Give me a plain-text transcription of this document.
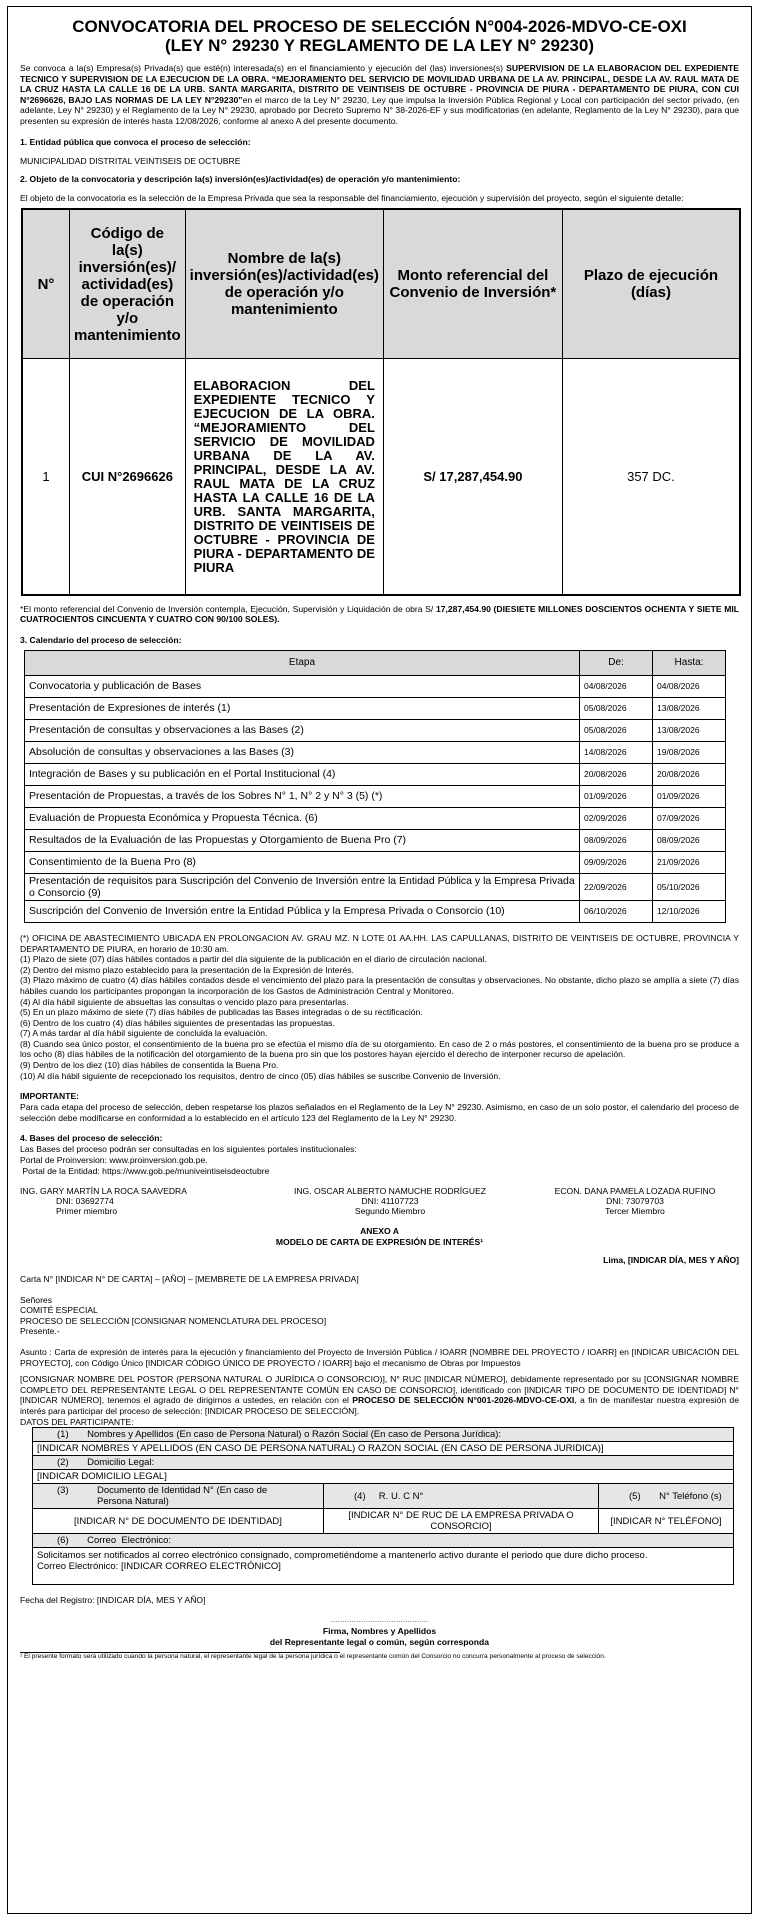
CONVOCATORIA DEL PROCESO DE SELECCIÓN N°004-2026-MDVO-CE-OXI
(LEY N° 29230 Y REGLAMENTO DE LA LEY N° 29230)

Se convoca a la(s) Empresa(s) Privada(s) que esté(n) interesada(s) en el financiamiento y ejecución del (las) inversiones(s) SUPERVISION DE LA ELABORACION DEL EXPEDIENTE TECNICO Y SUPERVISION DE LA EJECUCION DE LA OBRA. “MEJORAMIENTO DEL SERVICIO DE MOVILIDAD URBANA DE LA AV. PRINCIPAL, DESDE LA AV. RAUL MATA DE LA CRUZ HASTA LA CALLE 16 DE LA URB. SANTA MARGARITA, DISTRITO DE VEINTISEIS DE OCTUBRE - PROVINCIA DE PIURA - DEPARTAMENTO DE PIURA, CON CUI N°2696626, BAJO LAS NORMAS DE LA LEY N°29230”en el marco de la Ley N° 29230, Ley que impulsa la Inversión Pública Regional y Local con participación del sector privado, (en adelante, Ley N° 29230) y el Reglamento de la Ley N° 29230, aprobado por Decreto Supremo N° 38-2026-EF y sus modificatorias (en adelante, Reglamento de la Ley N° 29230), para que presenten su expresión de interés hasta 12/08/2026, conforme al anexo A del presente documento.

1. Entidad pública que convoca el proceso de selección:
MUNICIPALIDAD DISTRITAL VEINTISEIS DE OCTUBRE
2. Objeto de la convocatoria y descripción la(s) inversión(es)/actividad(es) de operación y/o mantenimiento:
El objeto de la convocatoria es la selección de la Empresa Privada que sea la responsable del financiamiento, ejecución y supervisión del proyecto, según el siguiente detalle:
N°	Código de la(s) inversión(es)/ actividad(es) de operación y/o mantenimiento	Nombre de la(s) inversión(es)/actividad(es) de operación y/o mantenimiento	Monto referencial del Convenio de Inversión*	Plazo de ejecución (días)
1	CUI N°2696626	ELABORACION DEL EXPEDIENTE TECNICO Y EJECUCION DE LA OBRA. “MEJORAMIENTO DEL SERVICIO DE MOVILIDAD URBANA DE LA AV. PRINCIPAL, DESDE LA AV. RAUL MATA DE LA CRUZ HASTA LA CALLE 16 DE LA URB. SANTA MARGARITA, DISTRITO DE VEINTISEIS DE OCTUBRE - PROVINCIA DE PIURA - DEPARTAMENTO DE PIURA	S/ 17,287,454.90	357 DC.

*El monto referencial del Convenio de Inversión contempla, Ejecución, Supervisión y Liquidación de obra S/ 17,287,454.90 (DIESIETE MILLONES DOSCIENTOS OCHENTA Y SIETE MIL CUATROCIENTOS CINCUENTA Y CUATRO CON 90/100 SOLES).

3. Calendario del proceso de selección:
Etapa	De:	Hasta:
Convocatoria y publicación de Bases	04/08/2026	04/08/2026
Presentación de Expresiones de interés (1)	05/08/2026	13/08/2026
Presentación de consultas y observaciones a las Bases (2)	05/08/2026	13/08/2026
Absolución de consultas y observaciones a las Bases (3)	14/08/2026	19/08/2026
Integración de Bases y su publicación en el Portal Institucional (4)	20/08/2026	20/08/2026
Presentación de Propuestas, a través de los Sobres N° 1, N° 2 y N° 3 (5) (*)	01/09/2026	01/09/2026
Evaluación de Propuesta Económica y Propuesta Técnica. (6)	02/09/2026	07/09/2026
Resultados de la Evaluación de las Propuestas y Otorgamiento de Buena Pro (7)	08/09/2026	08/09/2026
Consentimiento de la Buena Pro (8)	09/09/2026	21/09/2026
Presentación de requisitos para Suscripción del Convenio de Inversión entre la Entidad Pública y la Empresa Privada o Consorcio (9)	22/09/2026	05/10/2026
Suscripción del Convenio de Inversión entre la Entidad Pública y la Empresa Privada o Consorcio (10)	06/10/2026	12/10/2026
(*) OFICINA DE ABASTECIMIENTO UBICADA EN PROLONGACION AV. GRAU MZ. N LOTE 01 AA.HH. LAS CAPULLANAS, DISTRITO DE VEINTISEIS DE OCTUBRE, PROVINCIA Y DEPARTAMENTO DE PIURA, en horario de 10:30 am.
(1) Plazo de siete (07) días hábiles contados a partir del día siguiente de la publicación en el diario de circulación nacional.
(2) Dentro del mismo plazo establecido para la presentación de la Expresión de Interés.
(3) Plazo máximo de cuatro (4) días hábiles contados desde el vencimiento del plazo para la presentación de consultas y observaciones. No obstante, dicho plazo se amplía a siete (7) días hábiles cuando los participantes propongan la incorporación de los Gastos de Administración Central y Monitoreo.
(4) Al día hábil siguiente de absueltas las consultas o vencido plazo para presentarlas.
(5) En un plazo máximo de siete (7) días hábiles de publicadas las Bases integradas o de su rectificación.
(6) Dentro de los cuatro (4) días hábiles siguientes de presentadas las propuestas.
(7) A más tardar al día hábil siguiente de concluida la evaluación.
(8) Cuando sea único postor, el consentimiento de la buena pro se efectúa el mismo día de su otorgamiento. En caso de 2 o más postores, el consentimiento de la buena pro se produce a los ocho (8) días hábiles de la notificación del otorgamiento de la buena pro sin que los postores hayan ejercido el derecho de interponer recurso de apelación.
(9) Dentro de los diez (10) días hábiles de consentida la Buena Pro.
(10) Al día hábil siguiente de recepcionado los requisitos, dentro de cinco (05) días hábiles se suscribe Convenio de Inversión.
IMPORTANTE:

Para cada etapa del proceso de selección, deben respetarse los plazos señalados en el Reglamento de la Ley N° 29230. Asimismo, en caso de un solo postor, el calendario del proceso de selección debe modificarse en conformidad a lo establecido en el artículo 123 del Reglamento de la Ley N° 29230.

4. Bases del proceso de selección:
Las Bases del proceso podrán ser consultadas en los siguientes portales institucionales:
Portal de Proinversion: www.proinversion.gob.pe.
Portal de la Entidad: https://www.gob.pe/muniveintiseisdeoctubre
ING. GARY MARTÍN LA ROCA SAAVEDRA
DNI: 03692774
Primer miembro
ING. OSCAR ALBERTO NAMUCHE RODRÍGUEZ
DNI: 41107723
Segundo Miembro
ECON. DANA PAMELA LOZADA RUFINO
DNI: 73079703
Tercer Miembro
ANEXO A
MODELO DE CARTA DE EXPRESIÓN DE INTERÉS¹
Lima, [INDICAR DÍA, MES Y AÑO]
Carta N° [INDICAR N° DE CARTA] – [AÑO] – [MEMBRETE DE LA EMPRESA PRIVADA]
Señores
COMITÉ ESPECIAL
PROCESO DE SELECCIÓN [CONSIGNAR NOMENCLATURA DEL PROCESO]
Presente.-

Asunto : Carta de expresión de interés para la ejecución y financiamiento del Proyecto de Inversión Pública / IOARR [NOMBRE DEL PROYECTO / IOARR] en [INDICAR UBICACIÓN DEL PROYECTO], con Código Único [INDICAR CÓDIGO ÚNICO DE PROYECTO / IOARR] bajo el mecanismo de Obras por Impuestos

[CONSIGNAR NOMBRE DEL POSTOR (PERSONA NATURAL O JURÍDICA O CONSORCIO)], N° RUC [INDICAR NÚMERO], debidamente representado por su [CONSIGNAR NOMBRE COMPLETO DEL REPRESENTANTE LEGAL O DEL REPRESENTANTE COMÚN EN CASO DE CONSORCIO], identificado con [INDICAR TIPO DE DOCUMENTO DE IDENTIDAD] N° [INDICAR NÚMERO], tenemos el agrado de dirigirnos a ustedes, en relación con el PROCESO DE SELECCIÓN N°001-2026-MDVO-CE-OXI, a fin de manifestar nuestra expresión de interés para participar del proceso de selección: [INDICAR PROCESO DE SELECCIÓN].

DATOS DEL PARTICIPANTE:
(1)       Nombres y Apellidos (En caso de Persona Natural) o Razón Social (En caso de Persona Jurídica):		
[INDICAR NOMBRES Y APELLIDOS (EN CASO DE PERSONA NATURAL) O RAZON SOCIAL (EN CASO DE PERSONA JURIDICA)]		
(2)       Domicilio Legal:		
[INDICAR DOMICILIO LEGAL]		
(3) Documento de Identidad N° (En caso de Persona Natural)	(4)     R. U. C N°	(5)       N° Teléfono (s)
[INDICAR N° DE DOCUMENTO DE IDENTIDAD]	[INDICAR N° DE RUC DE LA EMPRESA PRIVADA O CONSORCIO]	[INDICAR N° TELÉFONO]
(6)       Correo  Electrónico:		

Solicitamos ser notificados al correo electrónico consignado, comprometiéndome a mantenerlo activo durante el periodo que dure dicho proceso.
Correo Electrónico: [INDICAR CORREO ELECTRÓNICO]		
Fecha del Registro: [INDICAR DÍA, MES Y AÑO]
……………………………………
Firma, Nombres y Apellidos
del Representante legal o común, según corresponda
¹ El presente formato será utilizado cuando la persona natural, el representante legal de la persona jurídica o el representante común del Consorcio no concurra personalmente al proceso de selección.
